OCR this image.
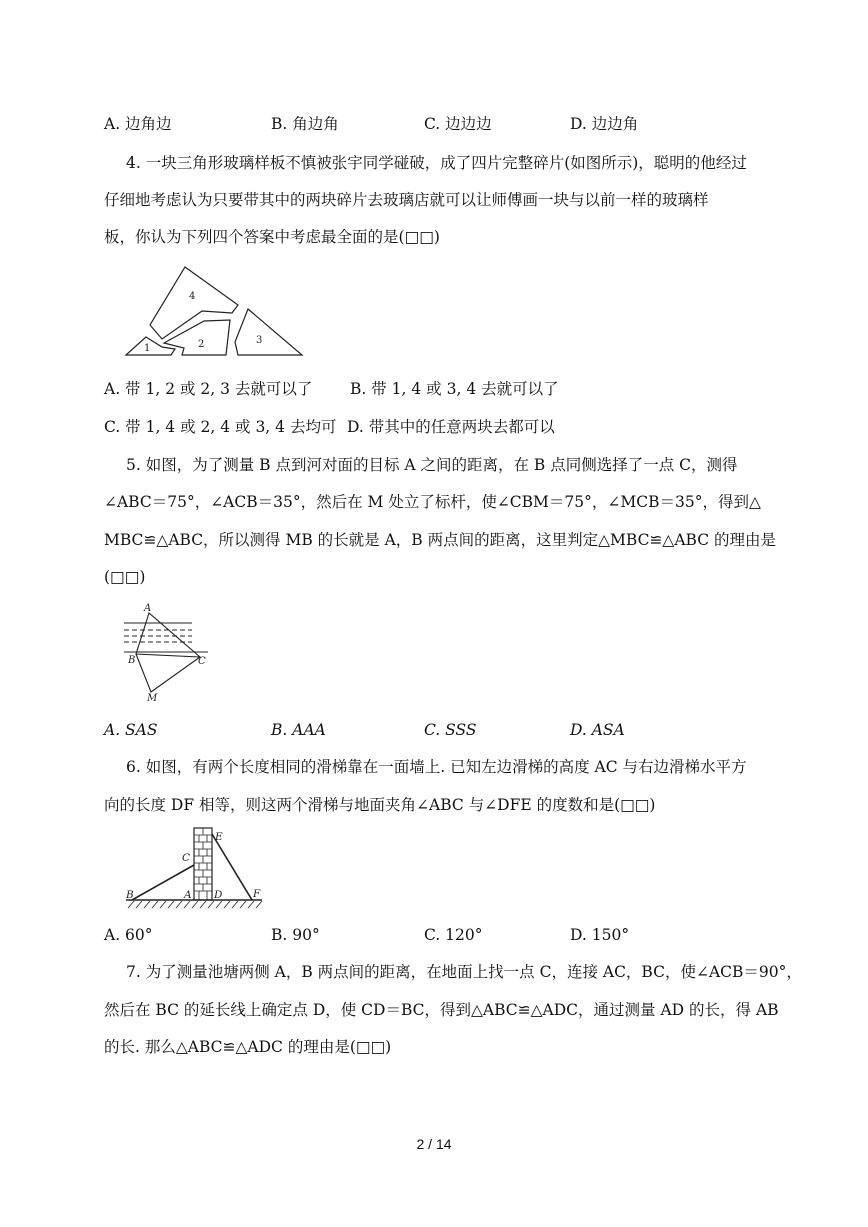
A. 边角边	B. 角边角	C. 边边边	D. 边边角
4. 一块三角形玻璃样板不慎被张宇同学碰破，成了四片完整碎片(如图所示)，聪明的他经过
仔细地考虑认为只要带其中的两块碎片去玻璃店就可以让师傅画一块与以前一样的玻璃样
板，你认为下列四个答案中考虑最全面的是(□□)
4
1	2	3
A. 带 1, 2 或 2, 3 去就可以了 B. 带 1, 4 或 3, 4 去就可以了
C. 带 1, 4 或 2, 4 或 3, 4 去均可 D. 带其中的任意两块去都可以
5. 如图，为了测量 B 点到河对面的目标 A 之间的距离，在 B 点同侧选择了一点 C，测得
∠ABC＝75°，∠ACB＝35°，然后在 M 处立了标杆，使∠CBM＝75°，∠MCB＝35°，得到△
MBC≌△ABC，所以测得 MB 的长就是 A，B 两点间的距离，这里判定△MBC≌△ABC 的理由是
(□□)
A
B	C
M
A. SAS	B. AAA	C. SSS	D. ASA
6. 如图，有两个长度相同的滑梯靠在一面墙上. 已知左边滑梯的高度 AC 与右边滑梯水平方
向的长度 DF 相等，则这两个滑梯与地面夹角∠ABC 与∠DFE 的度数和是(□□)
B
C
A D
E
F
A. 60°	B. 90°	C. 120°	D. 150°
7. 为了测量池塘两侧 A，B 两点间的距离，在地面上找一点 C，连接 AC，BC，使∠ACB＝90°，
然后在 BC 的延长线上确定点 D，使 CD＝BC，得到△ABC≌△ADC，通过测量 AD 的长，得 AB
的长. 那么△ABC≌△ADC 的理由是(□□)
2 / 14
